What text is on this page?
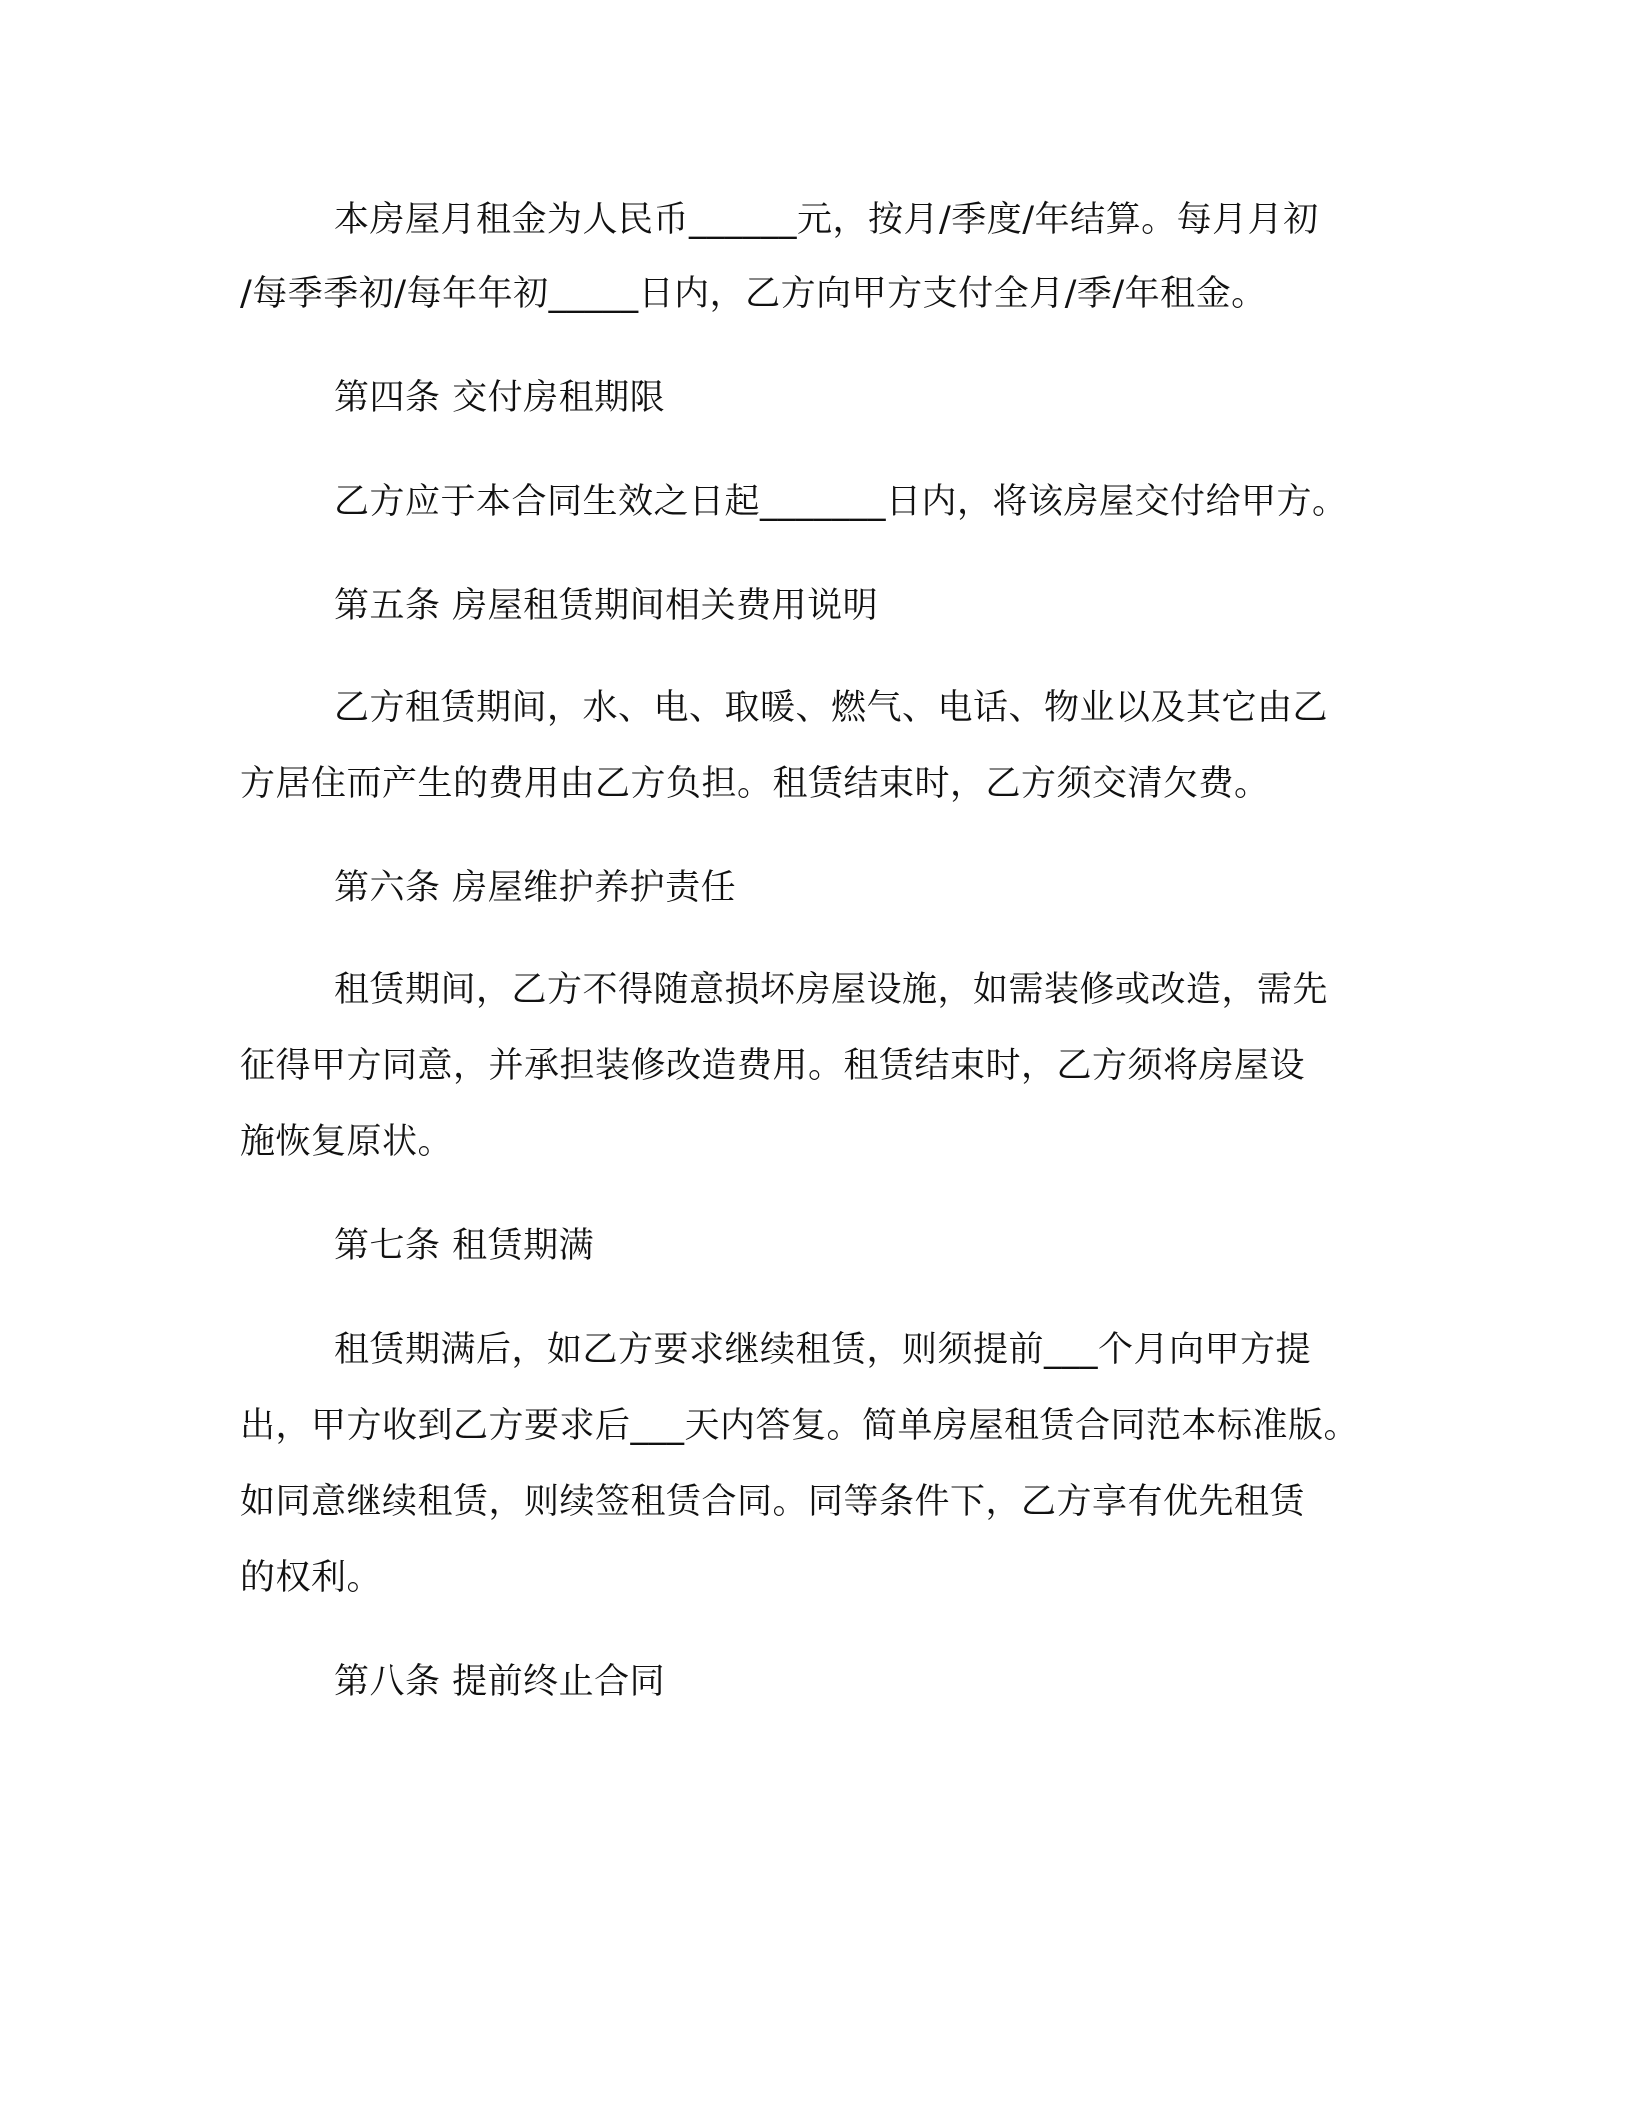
本房屋月租金为人民币______元，按月/季度/年结算。每月月初
/每季季初/每年年初_____日内，乙方向甲方支付全月/季/年租金。
第四条 交付房租期限
乙方应于本合同生效之日起_______日内，将该房屋交付给甲方。
第五条 房屋租赁期间相关费用说明
乙方租赁期间，水、电、取暖、燃气、电话、物业以及其它由乙
方居住而产生的费用由乙方负担。租赁结束时，乙方须交清欠费。
第六条 房屋维护养护责任
租赁期间，乙方不得随意损坏房屋设施，如需装修或改造，需先
征得甲方同意，并承担装修改造费用。租赁结束时，乙方须将房屋设
施恢复原状。
第七条 租赁期满
租赁期满后，如乙方要求继续租赁，则须提前___个月向甲方提
出，甲方收到乙方要求后___天内答复。简单房屋租赁合同范本标准版。
如同意继续租赁，则续签租赁合同。同等条件下，乙方享有优先租赁
的权利。
第八条 提前终止合同
